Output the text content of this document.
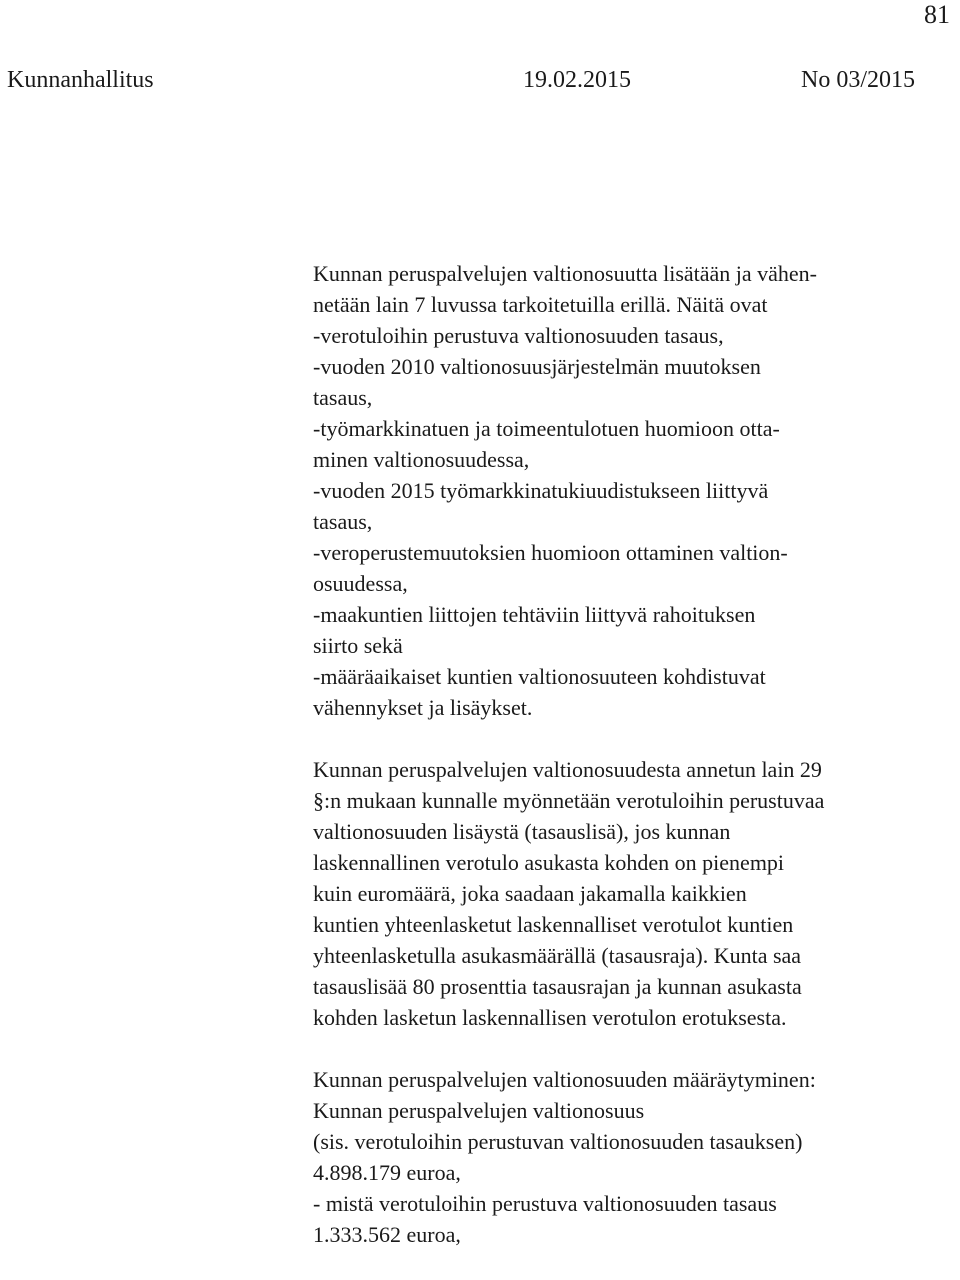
81
Kunnanhallitus	19.02.2015	No 03/2015

Kunnan peruspalvelujen valtionosuutta lisätään ja vähen-
netään lain 7 luvussa tarkoitetuilla erillä. Näitä ovat
-verotuloihin perustuva valtionosuuden tasaus,
-vuoden 2010 valtionosuusjärjestelmän muutoksen
tasaus,
-työmarkkinatuen ja toimeentulotuen huomioon otta-
minen valtionosuudessa,
-vuoden 2015 työmarkkinatukiuudistukseen liittyvä
tasaus,
-veroperustemuutoksien huomioon ottaminen valtion-
osuudessa,
-maakuntien liittojen tehtäviin liittyvä rahoituksen
siirto sekä
-määräaikaiset kuntien valtionosuuteen kohdistuvat
vähennykset ja lisäykset.

Kunnan peruspalvelujen valtionosuudesta annetun lain 29
§:n mukaan kunnalle myönnetään verotuloihin perustuvaa
valtionosuuden lisäystä (tasauslisä), jos kunnan
laskennallinen verotulo asukasta kohden on pienempi
kuin euromäärä, joka saadaan jakamalla kaikkien
kuntien yhteenlasketut laskennalliset verotulot kuntien
yhteenlasketulla asukasmäärällä (tasausraja). Kunta saa
tasauslisää 80 prosenttia tasausrajan ja kunnan asukasta
kohden lasketun laskennallisen verotulon erotuksesta.

Kunnan peruspalvelujen valtionosuuden määräytyminen:
Kunnan peruspalvelujen valtionosuus
(sis. verotuloihin perustuvan valtionosuuden tasauksen)
4.898.179 euroa,
- mistä verotuloihin perustuva valtionosuuden tasaus
1.333.562 euroa,
